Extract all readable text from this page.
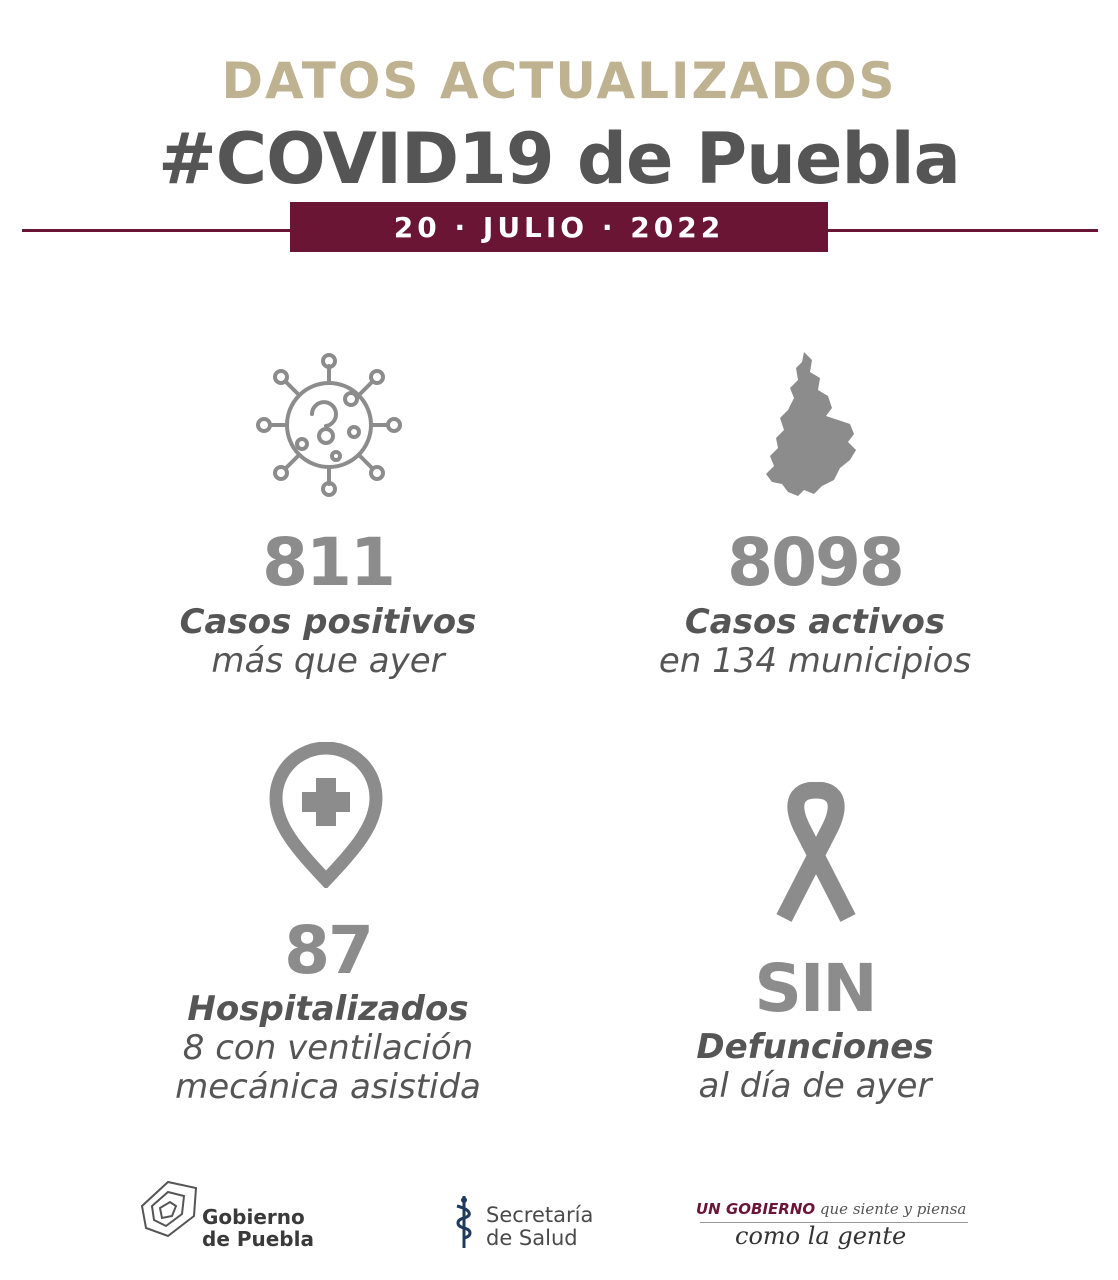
DATOS ACTUALIZADOS
#COVID19 de Puebla
20 · JULIO · 2022
811
Casos positivos
más que ayer
8098
Casos activos
en 134 municipios
87
Hospitalizados
8 con ventilación
mecánica asistida
SIN
Defunciones
al día de ayer
Gobierno
de Puebla
Secretaría
de Salud
UN GOBIERNO que siente y piensa
como la gente
